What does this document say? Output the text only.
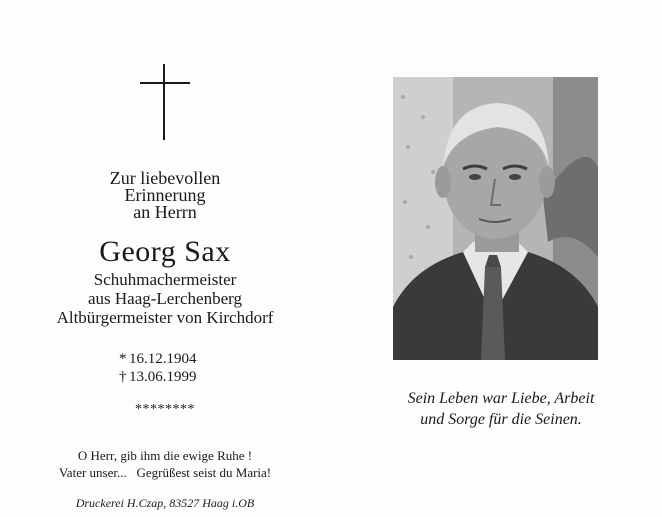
Zur liebevollen
Erinnerung
an Herrn
Georg Sax
Schuhmachermeister
aus Haag-Lerchenberg
Altbürgermeister von Kirchdorf
* 16.12.1904
† 13.06.1999
********
O Herr, gib ihm die ewige Ruhe !
Vater unser...   Gegrüßest seist du Maria!
Druckerei H.Czap, 83527 Haag i.OB
Sein Leben war Liebe, Arbeit
und Sorge für die Seinen.
